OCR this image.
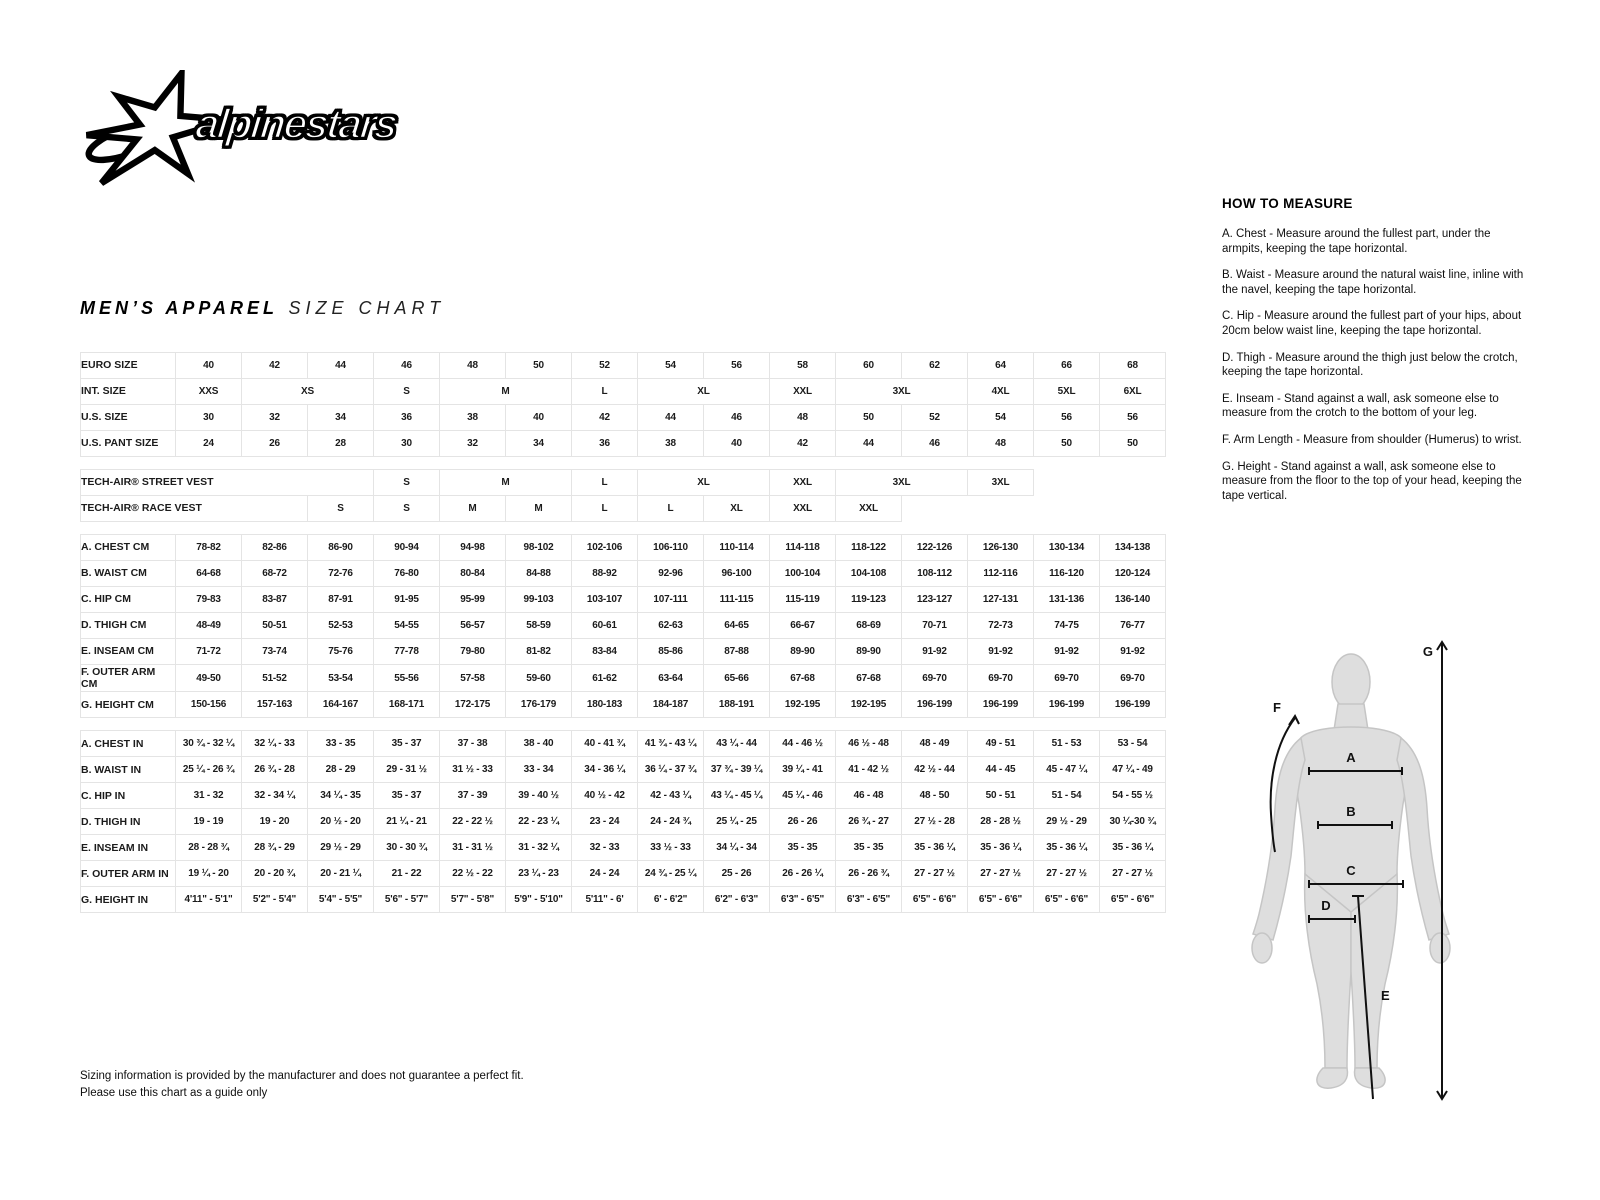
alpinestars
MEN’S APPAREL SIZE CHART
EURO SIZE	40	42	44	46	48	50	52	54	56	58	60	62	64	66	68
INT. SIZE	XXS	XS		S	M		L	XL		XXL	3XL		4XL	5XL	6XL
U.S. SIZE	30	32	34	36	38	40	42	44	46	48	50	52	54	56	56
U.S. PANT SIZE	24	26	28	30	32	34	36	38	40	42	44	46	48	50	50

TECH-AIR® STREET VEST				S	M		L	XL		XXL	3XL		3XL		
TECH-AIR® RACE VEST			S	S	M	M	L	L	XL	XXL	XXL				

A. CHEST CM	78-82	82-86	86-90	90-94	94-98	98-102	102-106	106-110	110-114	114-118	118-122	122-126	126-130	130-134	134-138
B. WAIST CM	64-68	68-72	72-76	76-80	80-84	84-88	88-92	92-96	96-100	100-104	104-108	108-112	112-116	116-120	120-124
C. HIP CM	79-83	83-87	87-91	91-95	95-99	99-103	103-107	107-111	111-115	115-119	119-123	123-127	127-131	131-136	136-140
D. THIGH CM	48-49	50-51	52-53	54-55	56-57	58-59	60-61	62-63	64-65	66-67	68-69	70-71	72-73	74-75	76-77
E. INSEAM CM	71-72	73-74	75-76	77-78	79-80	81-82	83-84	85-86	87-88	89-90	89-90	91-92	91-92	91-92	91-92
F. OUTER ARM CM	49-50	51-52	53-54	55-56	57-58	59-60	61-62	63-64	65-66	67-68	67-68	69-70	69-70	69-70	69-70
G. HEIGHT CM	150-156	157-163	164-167	168-171	172-175	176-179	180-183	184-187	188-191	192-195	192-195	196-199	196-199	196-199	196-199

A. CHEST IN	30 ¾ - 32 ¼	32 ¼ - 33	33 - 35	35 - 37	37 - 38	38 - 40	40 - 41 ¾	41 ¾ - 43 ¼	43 ¼ - 44	44 - 46 ½	46 ½ - 48	48 - 49	49 - 51	51 - 53	53 - 54
B. WAIST IN	25 ¼ - 26 ¾	26 ¾ - 28	28 - 29	29 - 31 ½	31 ½ - 33	33 - 34	34 - 36 ¼	36 ¼ - 37 ¾	37 ¾ - 39 ¼	39 ¼ - 41	41 - 42 ½	42 ½ - 44	44 - 45	45 - 47 ¼	47 ¼ - 49
C. HIP IN	31 - 32	32 - 34 ¼	34 ¼ - 35	35 - 37	37 - 39	39 - 40 ½	40 ½ - 42	42 - 43 ¼	43 ¼ - 45 ¼	45 ¼ - 46	46 - 48	48 - 50	50 - 51	51 - 54	54 - 55 ½
D. THIGH IN	19 - 19	19 - 20	20 ½ - 20	21 ¼ - 21	22 - 22 ½	22 - 23 ¼	23 - 24	24 - 24 ¾	25 ¼ - 25	26 - 26	26 ¾ - 27	27 ½ - 28	28 - 28 ½	29 ½ - 29	30 ¼-30 ¾
E. INSEAM IN	28 - 28 ¾	28 ¾ - 29	29 ½ - 29	30 - 30 ¾	31 - 31 ½	31 - 32 ¼	32 - 33	33 ½ - 33	34 ¼ - 34	35 - 35	35 - 35	35 - 36 ¼	35 - 36 ¼	35 - 36 ¼	35 - 36 ¼
F. OUTER ARM IN	19 ¼ - 20	20 - 20 ¾	20 - 21 ¼	21 - 22	22 ½ - 22	23 ¼ - 23	24 - 24	24 ¾ - 25 ¼	25 - 26	26 - 26 ¼	26 - 26 ¾	27 - 27 ½	27 - 27 ½	27 - 27 ½	27 - 27 ½
G. HEIGHT IN	4'11" - 5'1"	5'2" - 5'4"	5'4" - 5'5"	5'6" - 5'7"	5'7" - 5'8"	5'9" - 5'10"	5'11" - 6'	6' - 6'2"	6'2" - 6'3"	6'3" - 6'5"	6'3" - 6'5"	6'5" - 6'6"	6'5" - 6'6"	6'5" - 6'6"	6'5" - 6'6"
HOW TO MEASURE

A. Chest - Measure around the fullest part, under the armpits, keeping the tape horizontal.

B. Waist - Measure around the natural waist line, inline with the navel, keeping the tape horizontal.

C. Hip - Measure around the fullest part of your hips, about 20cm below waist line, keeping the tape horizontal.

D. Thigh - Measure around the thigh just below the crotch, keeping the tape horizontal.

E. Inseam - Stand against a wall, ask someone else to measure from the crotch to the bottom of your leg.

F. Arm Length - Measure from shoulder (Humerus) to wrist.

G. Height - Stand against a wall, ask someone else to measure from the floor to the top of your head, keeping the tape vertical.

A
B
C
D
E
F
G
Sizing information is provided by the manufacturer and does not guarantee a perfect fit.
Please use this chart as a guide only
